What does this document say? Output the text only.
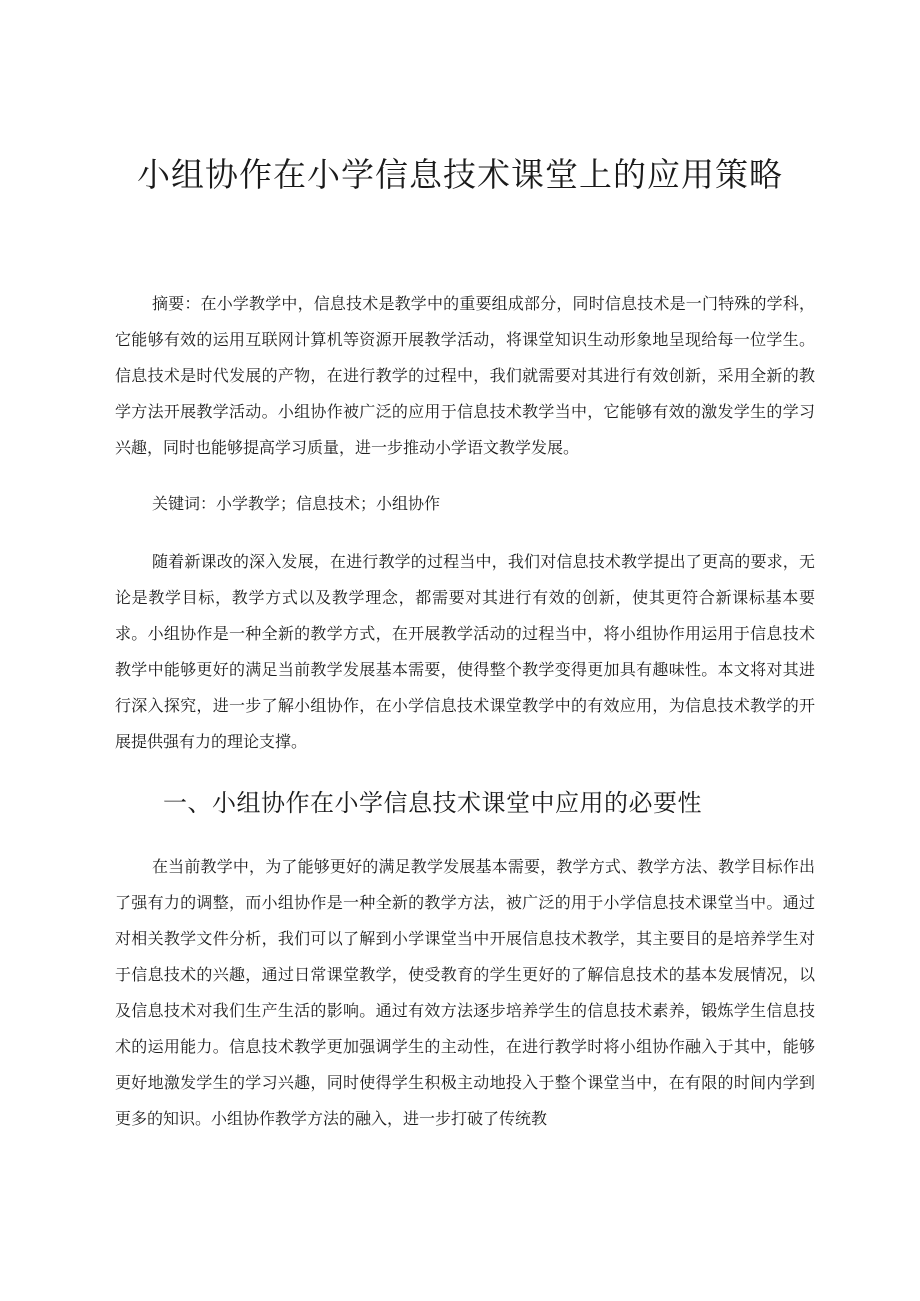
小组协作在小学信息技术课堂上的应用策略

摘要：在小学教学中，信息技术是教学中的重要组成部分，同时信息技术是一门特殊的学科，它能够有效的运用互联网计算机等资源开展教学活动，将课堂知识生动形象地呈现给每一位学生。信息技术是时代发展的产物，在进行教学的过程中，我们就需要对其进行有效创新，采用全新的教学方法开展教学活动。小组协作被广泛的应用于信息技术教学当中，它能够有效的激发学生的学习兴趣，同时也能够提高学习质量，进一步推动小学语文教学发展。

关键词：小学教学；信息技术；小组协作

随着新课改的深入发展，在进行教学的过程当中，我们对信息技术教学提出了更高的要求，无论是教学目标，教学方式以及教学理念，都需要对其进行有效的创新，使其更符合新课标基本要求。小组协作是一种全新的教学方式，在开展教学活动的过程当中，将小组协作用运用于信息技术教学中能够更好的满足当前教学发展基本需要，使得整个教学变得更加具有趣味性。本文将对其进行深入探究，进一步了解小组协作，在小学信息技术课堂教学中的有效应用，为信息技术教学的开展提供强有力的理论支撑。

一、小组协作在小学信息技术课堂中应用的必要性

在当前教学中，为了能够更好的满足教学发展基本需要，教学方式、教学方法、教学目标作出了强有力的调整，而小组协作是一种全新的教学方法，被广泛的用于小学信息技术课堂当中。通过对相关教学文件分析，我们可以了解到小学课堂当中开展信息技术教学，其主要目的是培养学生对于信息技术的兴趣，通过日常课堂教学，使受教育的学生更好的了解信息技术的基本发展情况，以及信息技术对我们生产生活的影响。通过有效方法逐步培养学生的信息技术素养，锻炼学生信息技术的运用能力。信息技术教学更加强调学生的主动性，在进行教学时将小组协作融入于其中，能够更好地激发学生的学习兴趣，同时使得学生积极主动地投入于整个课堂当中，在有限的时间内学到更多的知识。小组协作教学方法的融入，进一步打破了传统教
